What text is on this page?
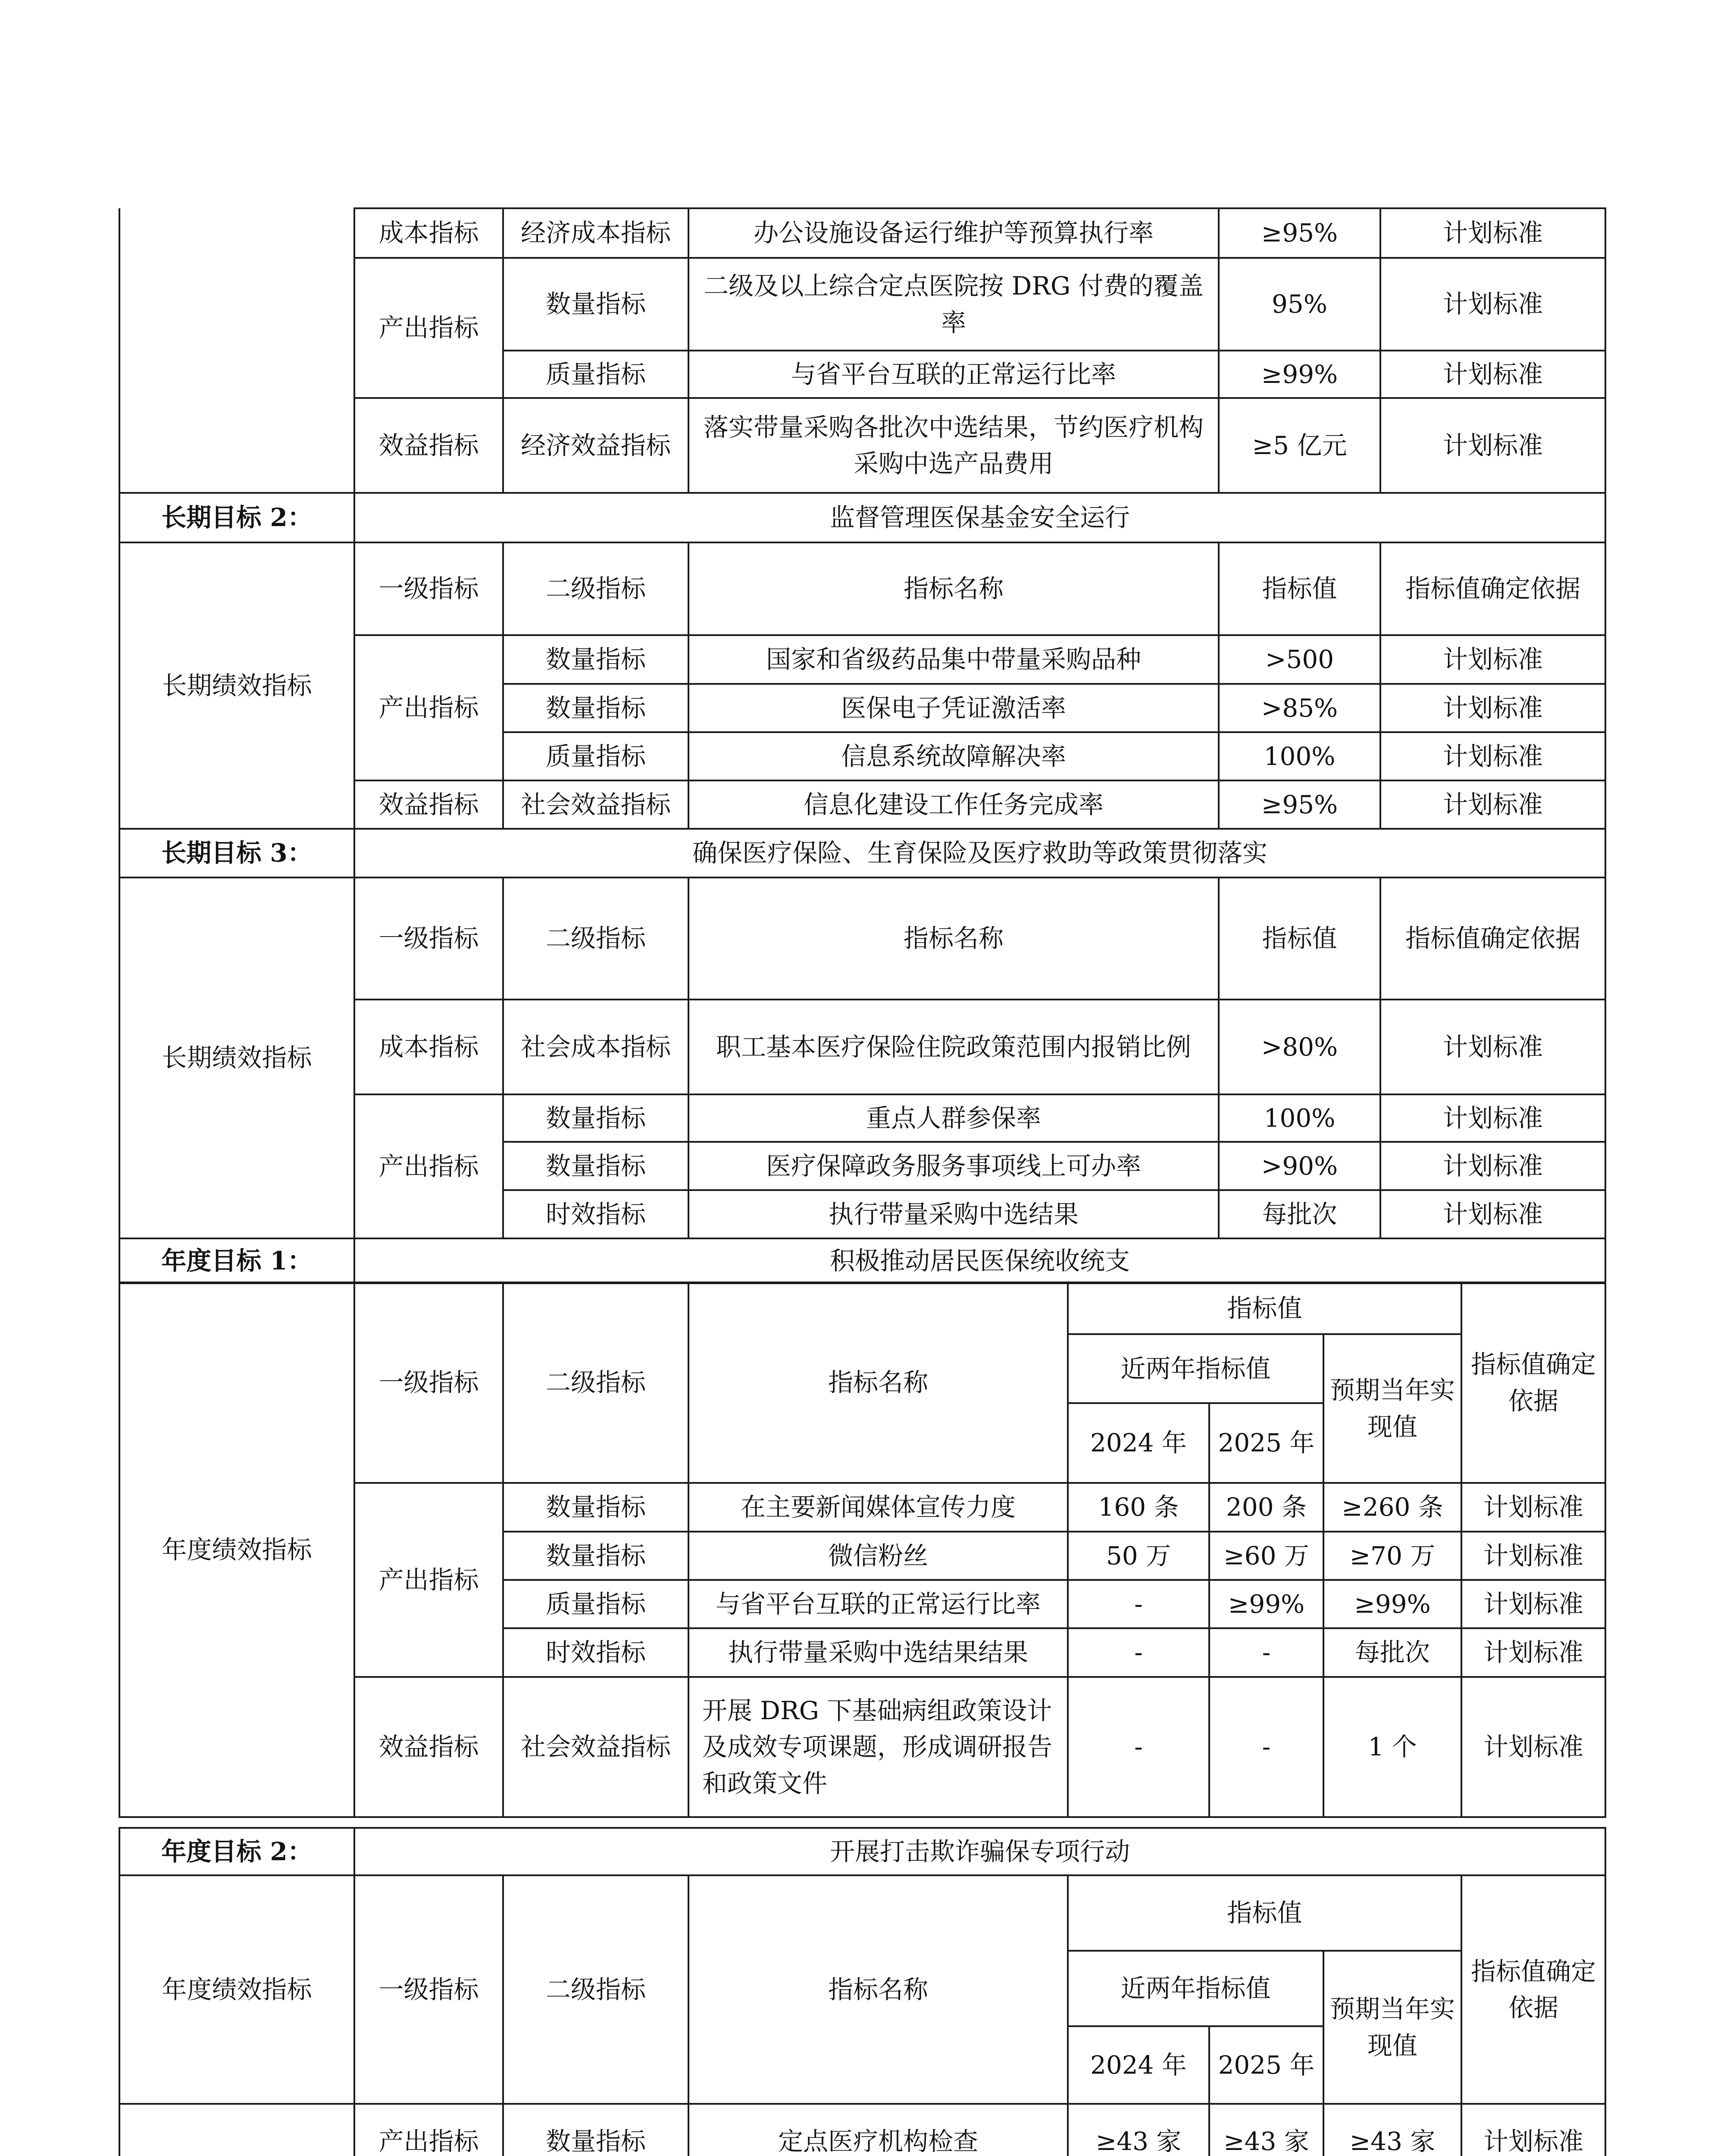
	成本指标	经济成本指标	办公设施设备运行维护等预算执行率	≥95%	计划标准
	产出指标	数量指标	二级及以上综合定点医院按 DRG 付费的覆盖率	95%	计划标准
		质量指标	与省平台互联的正常运行比率	≥99%	计划标准
	效益指标	经济效益指标	落实带量采购各批次中选结果，节约医疗机构采购中选产品费用	≥5 亿元	计划标准
长期目标 2：	监督管理医保基金安全运行				
长期绩效指标	一级指标	二级指标	指标名称	指标值	指标值确定依据
	产出指标	数量指标	国家和省级药品集中带量采购品种	>500	计划标准
		数量指标	医保电子凭证激活率	>85%	计划标准
		质量指标	信息系统故障解决率	100%	计划标准
	效益指标	社会效益指标	信息化建设工作任务完成率	≥95%	计划标准
长期目标 3：	确保医疗保险、生育保险及医疗救助等政策贯彻落实				
长期绩效指标	一级指标	二级指标	指标名称	指标值	指标值确定依据
	成本指标	社会成本指标	职工基本医疗保险住院政策范围内报销比例	>80%	计划标准
	产出指标	数量指标	重点人群参保率	100%	计划标准
		数量指标	医疗保障政务服务事项线上可办率	>90%	计划标准
		时效指标	执行带量采购中选结果	每批次	计划标准
年度目标 1：	积极推动居民医保统收统支				
年度绩效指标	一级指标	二级指标	指标名称	指标值			指标值确定依据
				近两年指标值		预期当年实现值	
				2024 年	2025 年		
	产出指标	数量指标	在主要新闻媒体宣传力度	160 条	200 条	≥260 条	计划标准
		数量指标	微信粉丝	50 万	≥60 万	≥70 万	计划标准
		质量指标	与省平台互联的正常运行比率	-	≥99%	≥99%	计划标准
		时效指标	执行带量采购中选结果结果	-	-	每批次	计划标准
	效益指标	社会效益指标	开展 DRG 下基础病组政策设计及成效专项课题，形成调研报告和政策文件	-	-	1 个	计划标准
年度目标 2：	开展打击欺诈骗保专项行动						
年度绩效指标	一级指标	二级指标	指标名称	指标值			指标值确定依据
				近两年指标值		预期当年实现值	
				2024 年	2025 年		
	产出指标	数量指标	定点医疗机构检查	≥43 家	≥43 家	≥43 家	计划标准
